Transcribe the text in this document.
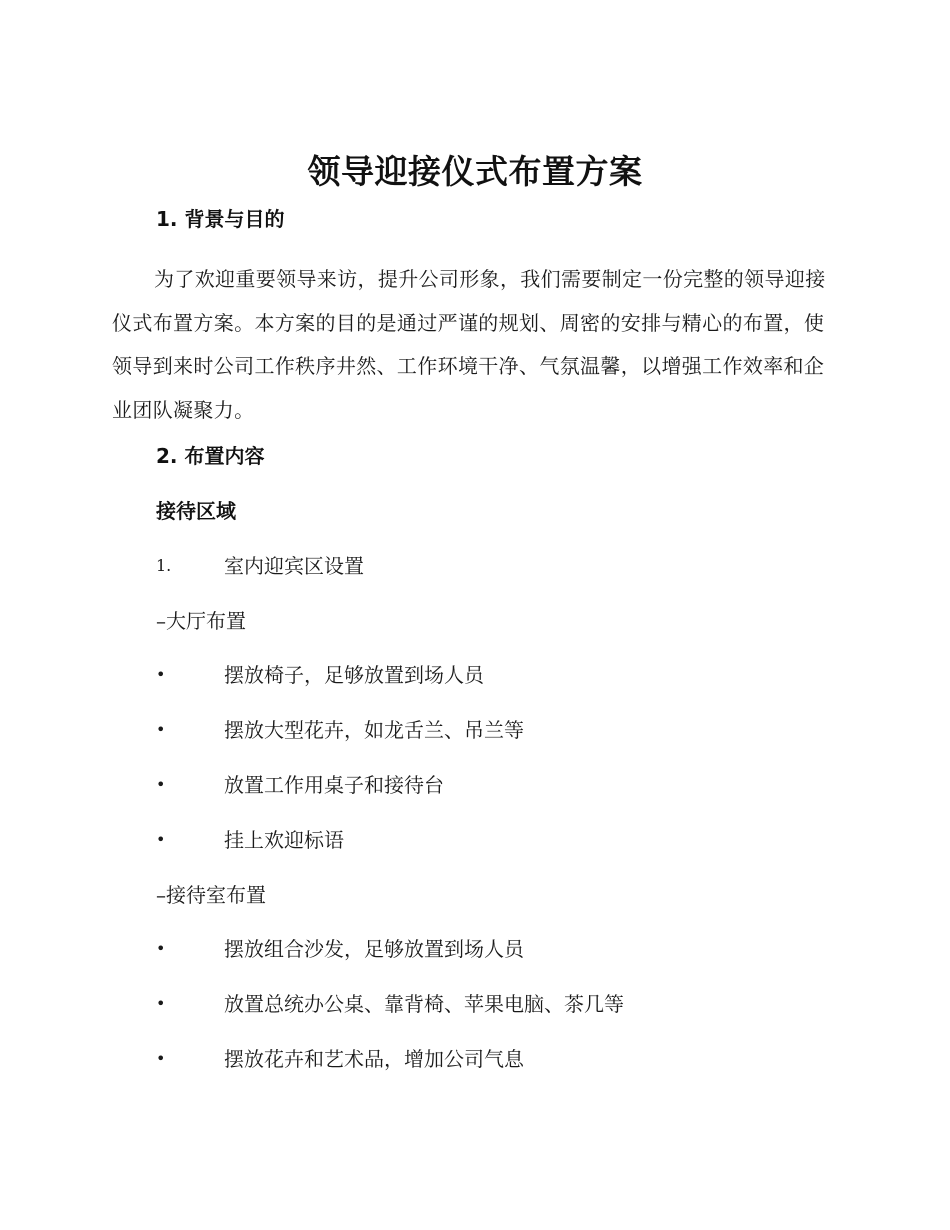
领导迎接仪式布置方案
1. 背景与目的

为了欢迎重要领导来访，提升公司形象，我们需要制定一份完整的领导迎接仪式布置方案。本方案的目的是通过严谨的规划、周密的安排与精心的布置，使领导到来时公司工作秩序井然、工作环境干净、气氛温馨，以增强工作效率和企业团队凝聚力。

2. 布置内容
接待区域
1.	室内迎宾区设置
–大厅布置
•	摆放椅子，足够放置到场人员
•	摆放大型花卉，如龙舌兰、吊兰等
•	放置工作用桌子和接待台
•	挂上欢迎标语
–接待室布置
•	摆放组合沙发，足够放置到场人员
•	放置总统办公桌、靠背椅、苹果电脑、茶几等
•	摆放花卉和艺术品，增加公司气息
